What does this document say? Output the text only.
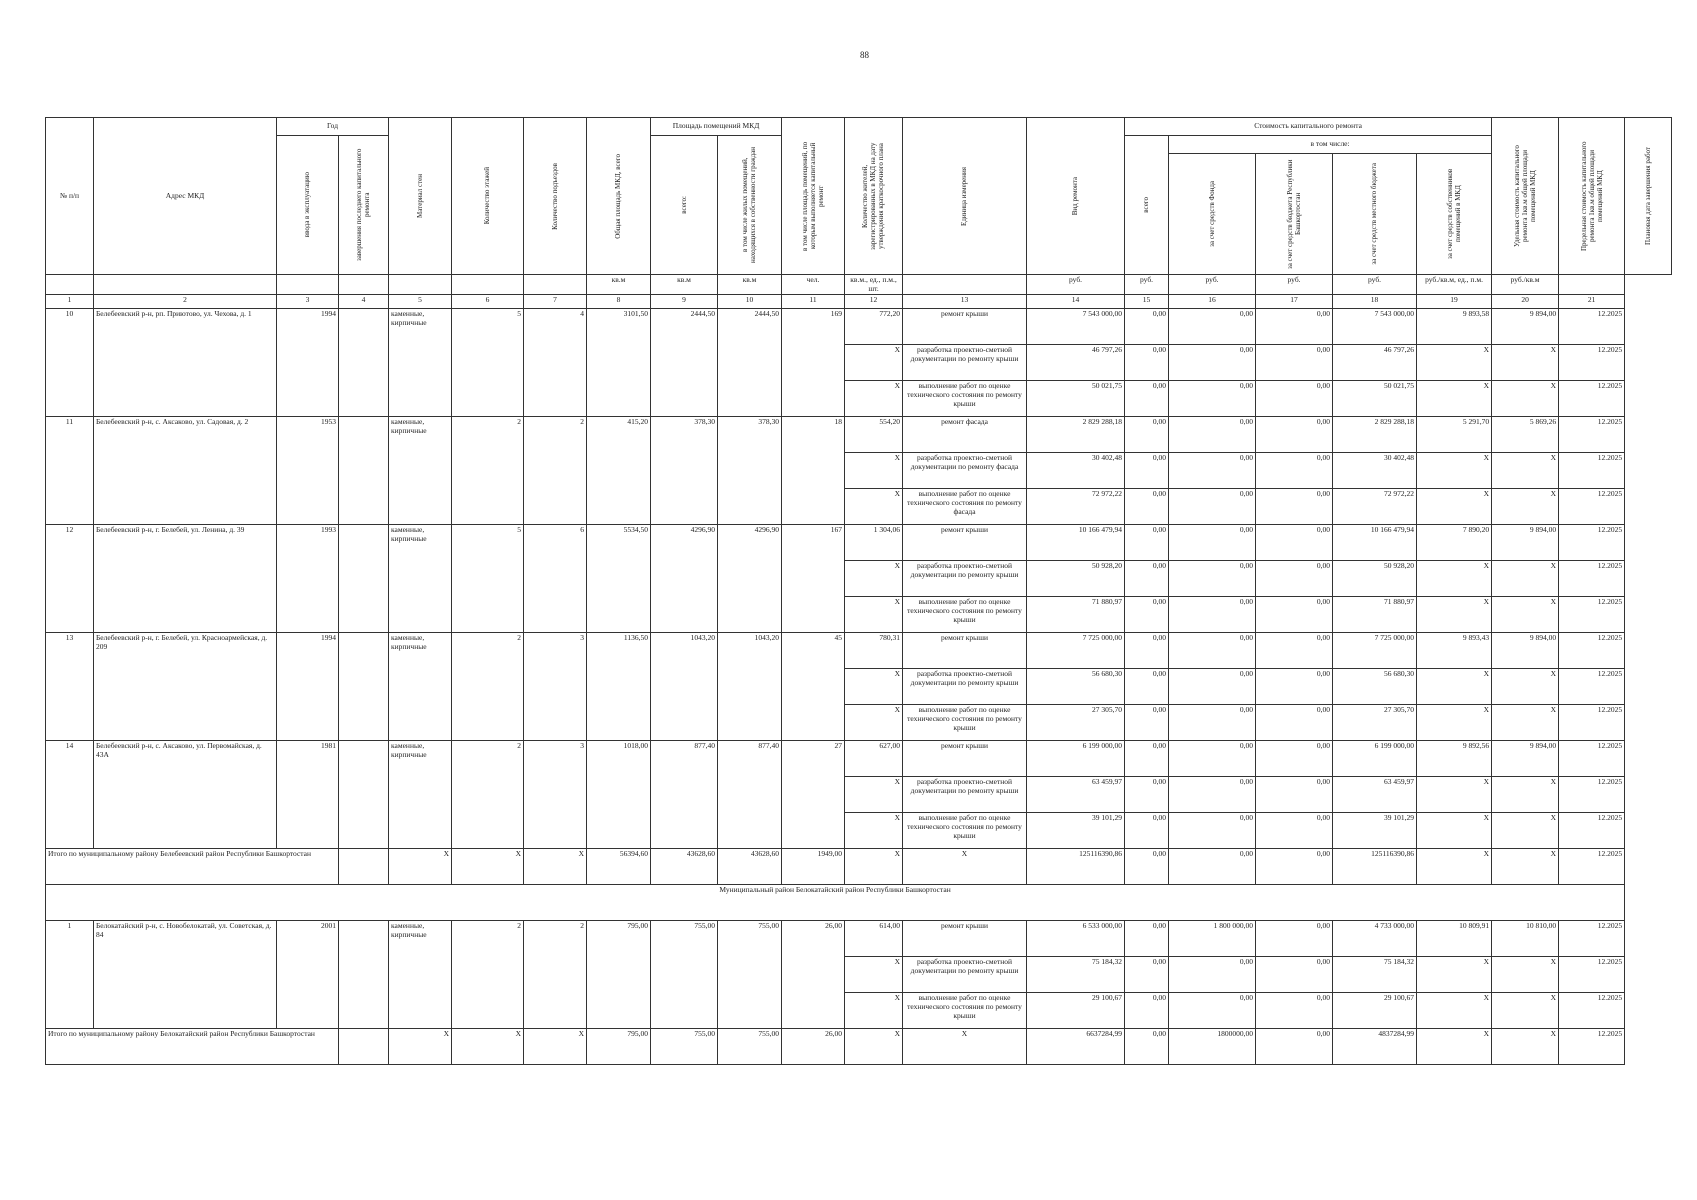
88
№ п/п	Адрес МКД	Год		Материал стен	Количество этажей	Количество подъездов	Общая площадь МКД, всего	Площадь помещений МКД		в том числе площадь помещений, по которым выполняется капитальный ремонт	Количество жителей, зарегистрированных в МКД на дату утверждения краткосрочного плана	Единица измерения	Вид ремонта	Стоимость капитального ремонта					Удельная стоимость капитального ремонта 1кв.м общей площади помещений МКД	Предельная стоимость капитального ремонта 1кв.м общей площади помещений МКД	Плановая дата завершения работ

		ввода в эксплуатацию	завершения последнего капитального ремонта					всего:	в том числе жилых помещений, находящихся в собственности граждан					всего	в том числе:						

															за счет средств Фонда	за счет средств бюджета Республики Башкортостан	за счет средств местного бюджета	за счет средств собственников помещений в МКД			

							кв.м	кв.м	кв.м	чел.	кв.м., ед., п.м., шт.		руб.	руб.	руб.	руб.	руб.	руб./кв.м, ед., п.м.	руб./кв.м		
1	2	3	4	5	6	7	8	9	10	11	12	13	14	15	16	17	18	19	20	21	
10	Белебеевский р-н, рп. Приютово, ул. Чехова, д. 1	1994		каменные, кирпичные	5	4	3101,50	2444,50	2444,50	169	772,20	ремонт крыши	7 543 000,00	0,00	0,00	0,00	7 543 000,00	9 893,58	9 894,00	12.2025	
											X	разработка проектно-сметной документации по ремонту крыши	46 797,26	0,00	0,00	0,00	46 797,26	X	X	12.2025	
											X	выполнение работ по оценке технического состояния по ремонту крыши	50 021,75	0,00	0,00	0,00	50 021,75	X	X	12.2025	
11	Белебеевский р-н, с. Аксаково, ул. Садовая, д. 2	1953		каменные, кирпичные	2	2	415,20	378,30	378,30	18	554,20	ремонт фасада	2 829 288,18	0,00	0,00	0,00	2 829 288,18	5 291,70	5 869,26	12.2025	
											X	разработка проектно-сметной документации по ремонту фасада	30 402,48	0,00	0,00	0,00	30 402,48	X	X	12.2025	
											X	выполнение работ по оценке технического состояния по ремонту фасада	72 972,22	0,00	0,00	0,00	72 972,22	X	X	12.2025	
12	Белебеевский р-н, г. Белебей, ул. Ленина, д. 39	1993		каменные, кирпичные	5	6	5534,50	4296,90	4296,90	167	1 304,06	ремонт крыши	10 166 479,94	0,00	0,00	0,00	10 166 479,94	7 890,20	9 894,00	12.2025	
											X	разработка проектно-сметной документации по ремонту крыши	50 928,20	0,00	0,00	0,00	50 928,20	X	X	12.2025	
											X	выполнение работ по оценке технического состояния по ремонту крыши	71 880,97	0,00	0,00	0,00	71 880,97	X	X	12.2025	
13	Белебеевский р-н, г. Белебей, ул. Красноармейская, д. 209	1994		каменные, кирпичные	2	3	1136,50	1043,20	1043,20	45	780,31	ремонт крыши	7 725 000,00	0,00	0,00	0,00	7 725 000,00	9 893,43	9 894,00	12.2025	
											X	разработка проектно-сметной документации по ремонту крыши	56 680,30	0,00	0,00	0,00	56 680,30	X	X	12.2025	
											X	выполнение работ по оценке технического состояния по ремонту крыши	27 305,70	0,00	0,00	0,00	27 305,70	X	X	12.2025	
14	Белебеевский р-н, с. Аксаково, ул. Первомайская, д. 43А	1981		каменные, кирпичные	2	3	1018,00	877,40	877,40	27	627,00	ремонт крыши	6 199 000,00	0,00	0,00	0,00	6 199 000,00	9 892,56	9 894,00	12.2025	
											X	разработка проектно-сметной документации по ремонту крыши	63 459,97	0,00	0,00	0,00	63 459,97	X	X	12.2025	
											X	выполнение работ по оценке технического состояния по ремонту крыши	39 101,29	0,00	0,00	0,00	39 101,29	X	X	12.2025	
Итого по муниципальному району Белебеевский район Республики Башкортостан				X	X	X	56394,60	43628,60	43628,60	1949,00	X	X	125116390,86	0,00	0,00	0,00	125116390,86	X	X	12.2025	
Муниципальный район Белокатайский район Республики Башкортостан																					
1	Белокатайский р-н, с. Новобелокатай, ул. Советская, д. 84	2001		каменные, кирпичные	2	2	795,00	755,00	755,00	26,00	614,00	ремонт крыши	6 533 000,00	0,00	1 800 000,00	0,00	4 733 000,00	10 809,91	10 810,00	12.2025	
											X	разработка проектно-сметной документации по ремонту крыши	75 184,32	0,00	0,00	0,00	75 184,32	X	X	12.2025	
											X	выполнение работ по оценке технического состояния по ремонту крыши	29 100,67	0,00	0,00	0,00	29 100,67	X	X	12.2025	
Итого по муниципальному району Белокатайский район Республики Башкортостан				X	X	X	795,00	755,00	755,00	26,00	X	X	6637284,99	0,00	1800000,00	0,00	4837284,99	X	X	12.2025	
